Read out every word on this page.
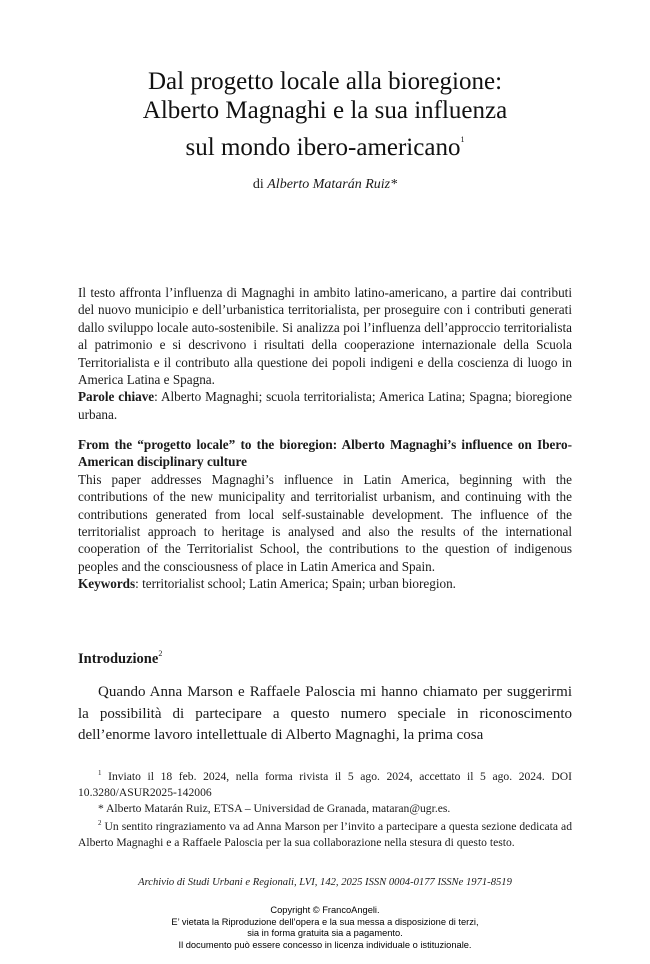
Dal progetto locale alla bioregione:
Alberto Magnaghi e la sua influenza
sul mondo ibero-americano$^1$
di Alberto Matarán Ruiz*

Il testo affronta l’influenza di Magnaghi in ambito latino-americano, a partire dai contributi del nuovo municipio e dell’urbanistica territorialista, per proseguire con i contributi generati dallo sviluppo locale auto-sostenibile. Si analizza poi l’influenza dell’approccio territorialista al patrimonio e si descrivono i risultati della cooperazione internazionale della Scuola Territorialista e il contributo alla questione dei popoli indigeni e della coscienza di luogo in America Latina e Spagna.

Parole chiave: Alberto Magnaghi; scuola territorialista; America Latina; Spagna; bioregione urbana.

From the “progetto locale” to the bioregion: Alberto Magnaghi’s influence on Ibero-American disciplinary culture

This paper addresses Magnaghi’s influence in Latin America, beginning with the contributions of the new municipality and territorialist urbanism, and continuing with the contributions generated from local self-sustainable development. The influence of the territorialist approach to heritage is analysed and also the results of the international cooperation of the Territorialist School, the contributions to the question of indigenous peoples and the consciousness of place in Latin America and Spain.

Keywords: territorialist school; Latin America; Spain; urban bioregion.

Introduzione$^2$

Quando Anna Marson e Raffaele Paloscia mi hanno chiamato per suggerirmi la possibilità di partecipare a questo numero speciale in riconoscimento dell’enorme lavoro intellettuale di Alberto Magnaghi, la prima cosa

$^1$ Inviato il 18 feb. 2024, nella forma rivista il 5 ago. 2024, accettato il 5 ago. 2024. DOI 10.3280/ASUR2025-142006

* Alberto Matarán Ruiz, ETSA – Universidad de Granada, mataran@ugr.es.

$^2$ Un sentito ringraziamento va ad Anna Marson per l’invito a partecipare a questa sezione dedicata ad Alberto Magnaghi e a Raffaele Paloscia per la sua collaborazione nella stesura di questo testo.

Archivio di Studi Urbani e Regionali, LVI, 142, 2025 ISSN 0004-0177 ISSNe 1971-8519
Copyright © FrancoAngeli.
E’ vietata la Riproduzione dell’opera e la sua messa a disposizione di terzi,
sia in forma gratuita sia a pagamento.
Il documento può essere concesso in licenza individuale o istituzionale.
